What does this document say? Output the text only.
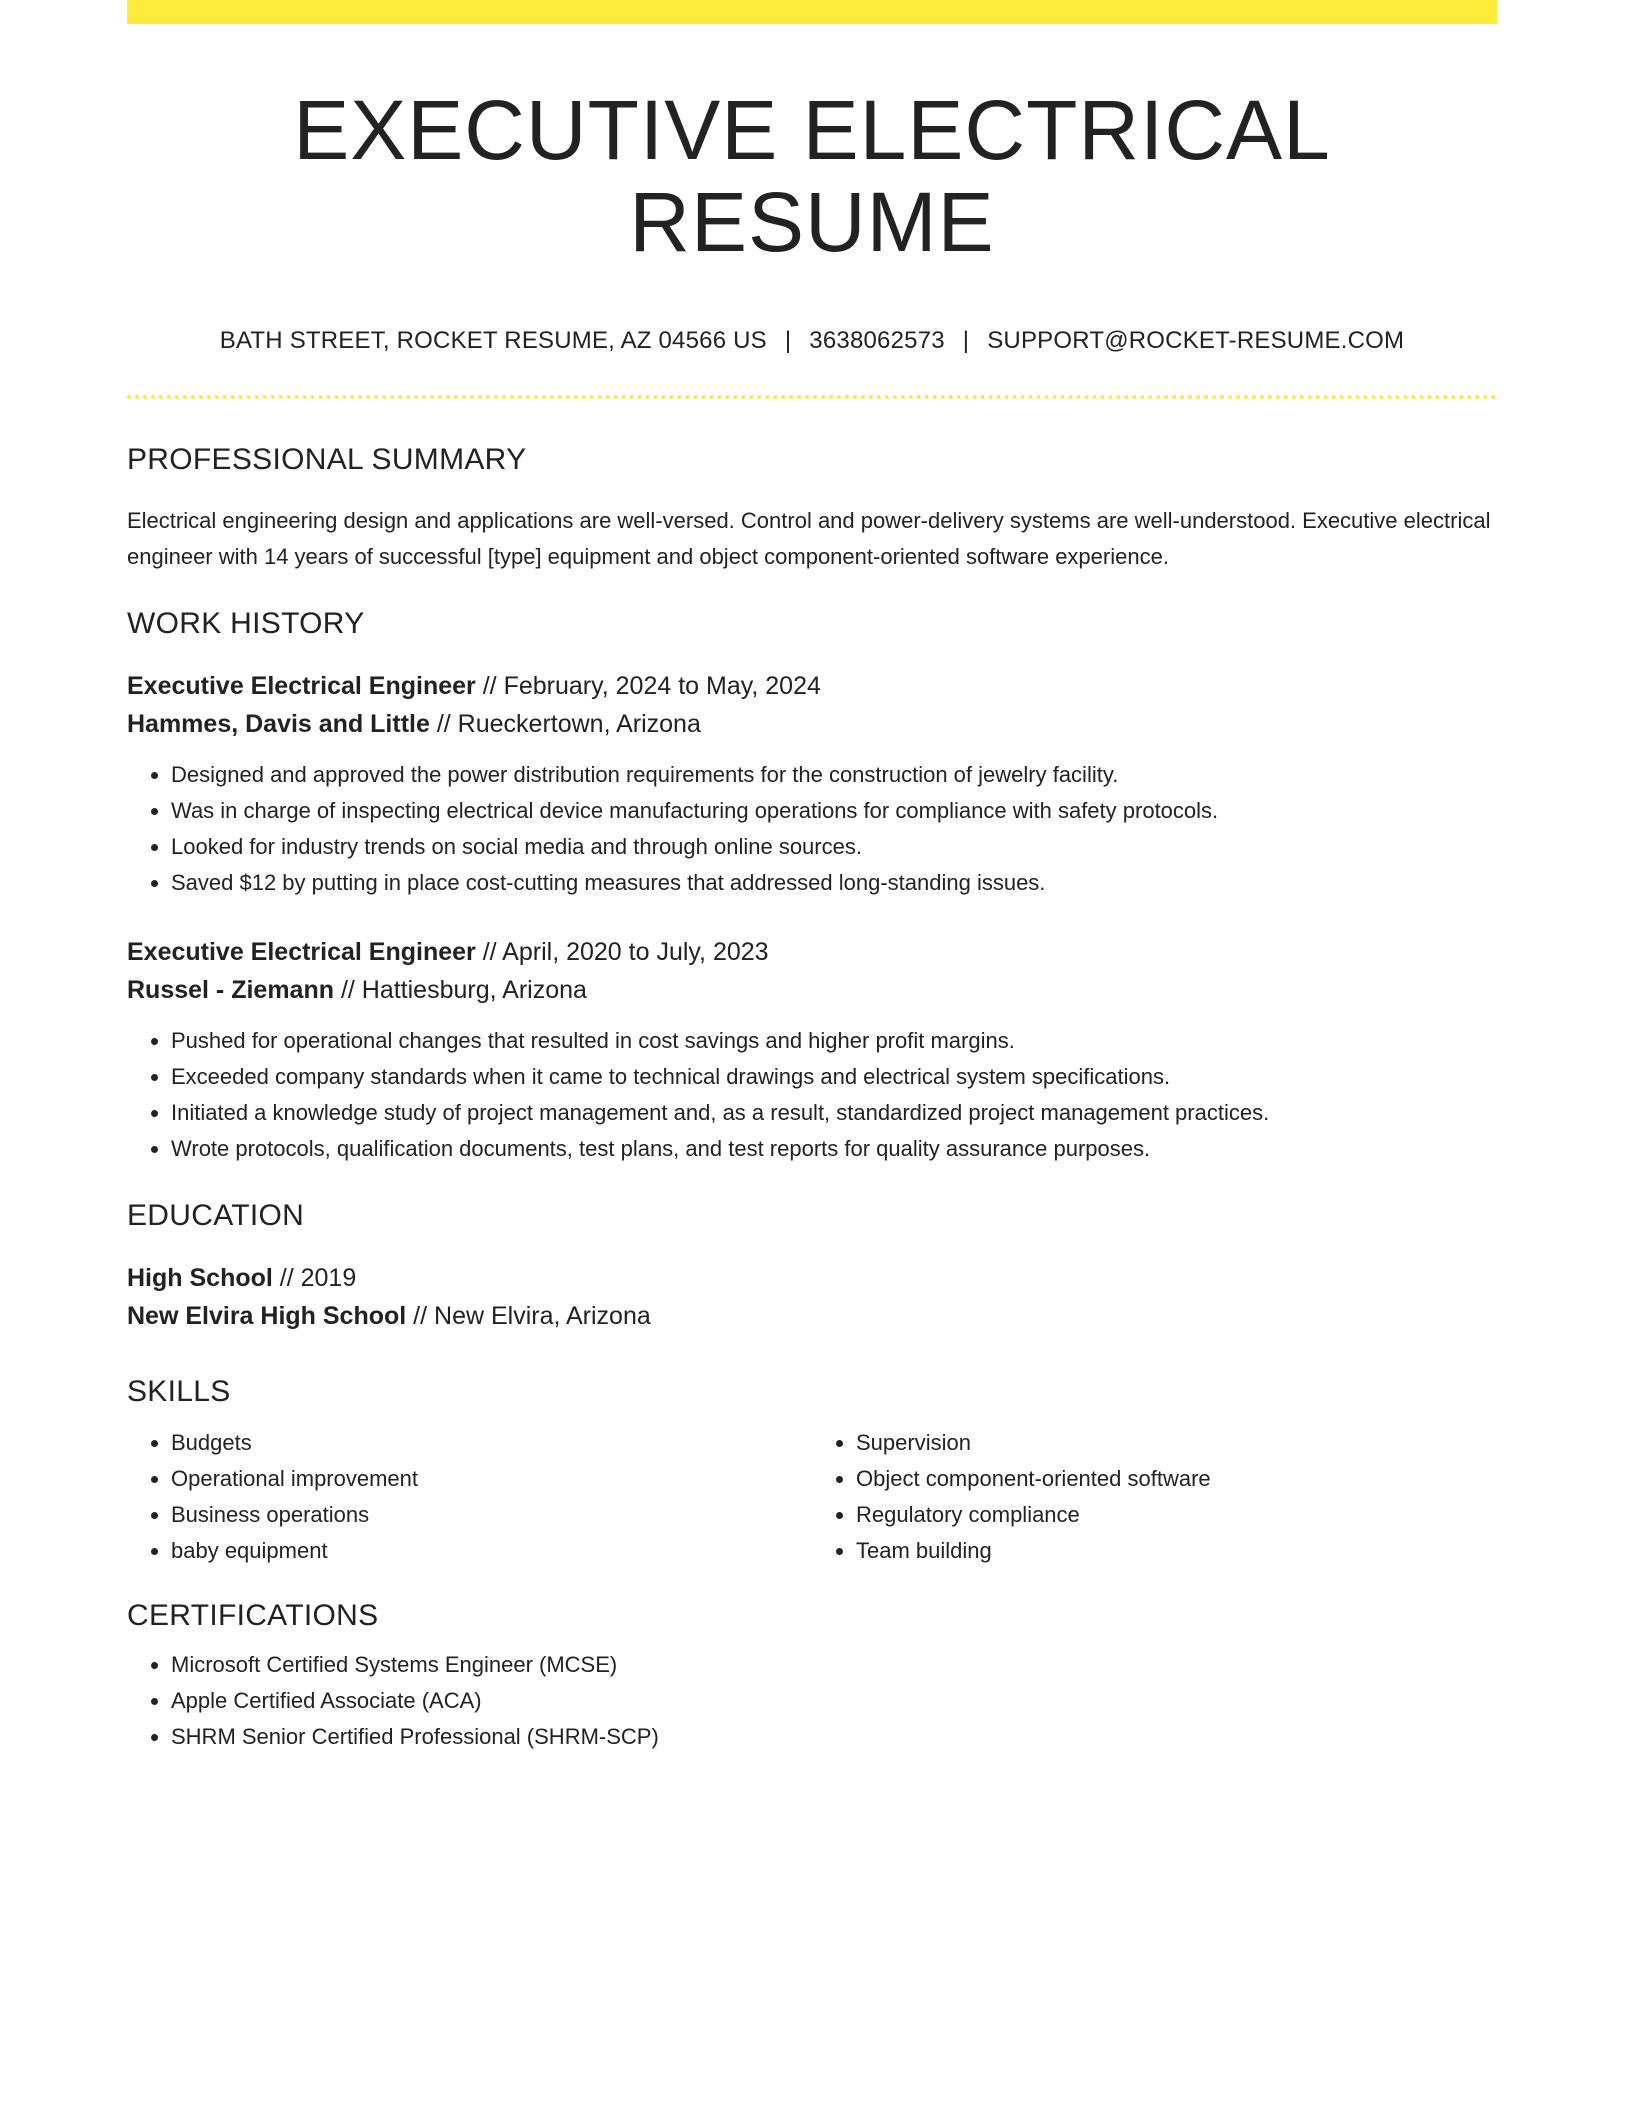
EXECUTIVE ELECTRICAL RESUME
BATH STREET, ROCKET RESUME, AZ 04566 US | 3638062573 | SUPPORT@ROCKET-RESUME.COM
PROFESSIONAL SUMMARY
Electrical engineering design and applications are well-versed. Control and power-delivery systems are well-understood. Executive electrical engineer with 14 years of successful [type] equipment and object component-oriented software experience.
WORK HISTORY
Executive Electrical Engineer // February, 2024 to May, 2024
Hammes, Davis and Little // Rueckertown, Arizona
• Designed and approved the power distribution requirements for the construction of jewelry facility.
• Was in charge of inspecting electrical device manufacturing operations for compliance with safety protocols.
• Looked for industry trends on social media and through online sources.
• Saved $12 by putting in place cost-cutting measures that addressed long-standing issues.
Executive Electrical Engineer // April, 2020 to July, 2023
Russel - Ziemann // Hattiesburg, Arizona
• Pushed for operational changes that resulted in cost savings and higher profit margins.
• Exceeded company standards when it came to technical drawings and electrical system specifications.
• Initiated a knowledge study of project management and, as a result, standardized project management practices.
• Wrote protocols, qualification documents, test plans, and test reports for quality assurance purposes.
EDUCATION
High School // 2019
New Elvira High School // New Elvira, Arizona
SKILLS
• Budgets
• Operational improvement
• Business operations
• baby equipment
• Supervision
• Object component-oriented software
• Regulatory compliance
• Team building
CERTIFICATIONS
• Microsoft Certified Systems Engineer (MCSE)
• Apple Certified Associate (ACA)
• SHRM Senior Certified Professional (SHRM-SCP)
